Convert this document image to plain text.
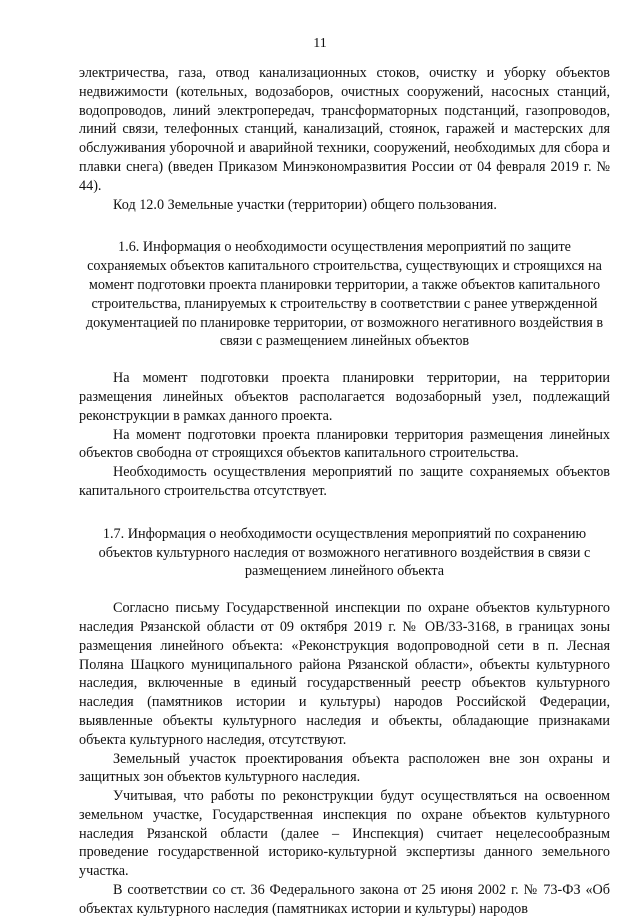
11

электричества, газа, отвод канализационных стоков, очистку и уборку объектов недвижимости (котельных, водозаборов, очистных сооружений, насосных станций, водопроводов, линий электропередач, трансформаторных подстанций, газопроводов, линий связи, телефонных станций, канализаций, стоянок, гаражей и мастерских для обслуживания уборочной и аварийной техники, сооружений, необходимых для сбора и плавки снега) (введен Приказом Минэкономразвития России от 04 февраля 2019 г. № 44).

Код 12.0 Земельные участки (территории) общего пользования.

1.6. Информация о необходимости осуществления мероприятий по защите сохраняемых объектов капитального строительства, существующих и строящихся на момент подготовки проекта планировки территории, а также объектов капитального строительства, планируемых к строительству в соответствии с ранее утвержденной документацией по планировке территории, от возможного негативного воздействия в связи с размещением линейных объектов

На момент подготовки проекта планировки территории, на территории размещения линейных объектов располагается водозаборный узел, подлежащий реконструкции в рамках данного проекта.

На момент подготовки проекта планировки территория размещения линейных объектов свободна от строящихся объектов капитального строительства.

Необходимость осуществления мероприятий по защите сохраняемых объектов капитального строительства отсутствует.

1.7. Информация о необходимости осуществления мероприятий по сохранению объектов культурного наследия от возможного негативного воздействия в связи с размещением линейного объекта

Согласно письму Государственной инспекции по охране объектов культурного наследия Рязанской области от 09 октября 2019 г. № ОВ/33-3168, в границах зоны размещения линейного объекта: «Реконструкция водопроводной сети в п. Лесная Поляна Шацкого муниципального района Рязанской области», объекты культурного наследия, включенные в единый государственный реестр объектов культурного наследия (памятников истории и культуры) народов Российской Федерации, выявленные объекты культурного наследия и объекты, обладающие признаками объекта культурного наследия, отсутствуют.

Земельный участок проектирования объекта расположен вне зон охраны и защитных зон объектов культурного наследия.

Учитывая, что работы по реконструкции будут осуществляться на освоенном земельном участке, Государственная инспекция по охране объектов культурного наследия Рязанской области (далее – Инспекция) считает нецелесообразным проведение государственной историко-культурной экспертизы данного земельного участка.

В соответствии со ст. 36 Федерального закона от 25 июня 2002 г. № 73-ФЗ «Об объектах культурного наследия (памятниках истории и культуры) народов
